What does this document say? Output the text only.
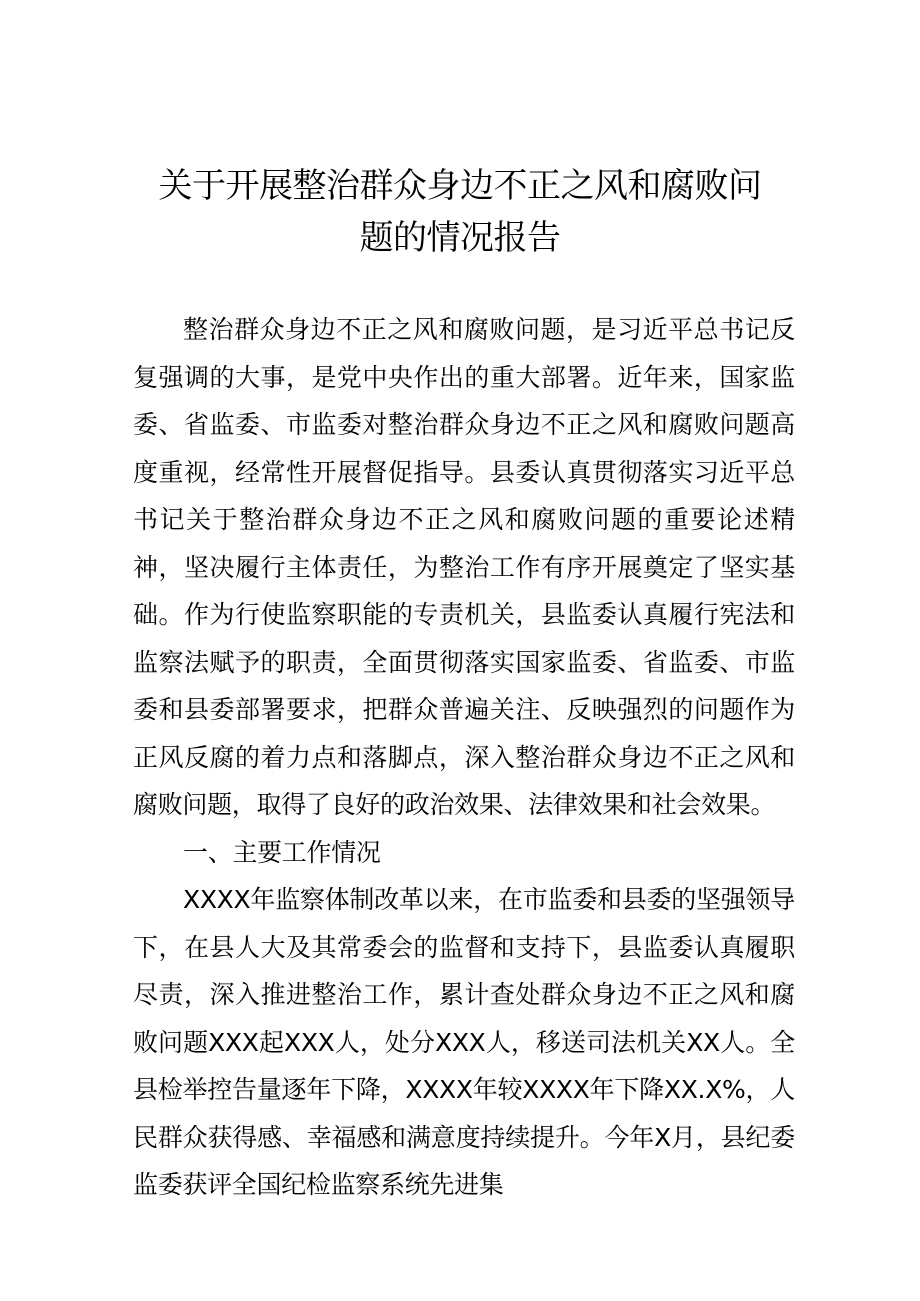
关于开展整治群众身边不正之风和腐败问
题的情况报告

整治群众身边不正之风和腐败问题，是习近平总书记反复强调的大事，是党中央作出的重大部署。近年来，国家监委、省监委、市监委对整治群众身边不正之风和腐败问题高度重视，经常性开展督促指导。县委认真贯彻落实习近平总书记关于整治群众身边不正之风和腐败问题的重要论述精神，坚决履行主体责任，为整治工作有序开展奠定了坚实基础。作为行使监察职能的专责机关，县监委认真履行宪法和监察法赋予的职责，全面贯彻落实国家监委、省监委、市监委和县委部署要求，把群众普遍关注、反映强烈的问题作为正风反腐的着力点和落脚点，深入整治群众身边不正之风和腐败问题，取得了良好的政治效果、法律效果和社会效果。

一、主要工作情况

XXXX年监察体制改革以来，在市监委和县委的坚强领导下，在县人大及其常委会的监督和支持下，县监委认真履职尽责，深入推进整治工作，累计查处群众身边不正之风和腐败问题XXX起XXX人，处分XXX人，移送司法机关XX人。全县检举控告量逐年下降，XXXX年较XXXX年下降XX.X%，人民群众获得感、幸福感和满意度持续提升。今年X月，县纪委监委获评全国纪检监察系统先进集
